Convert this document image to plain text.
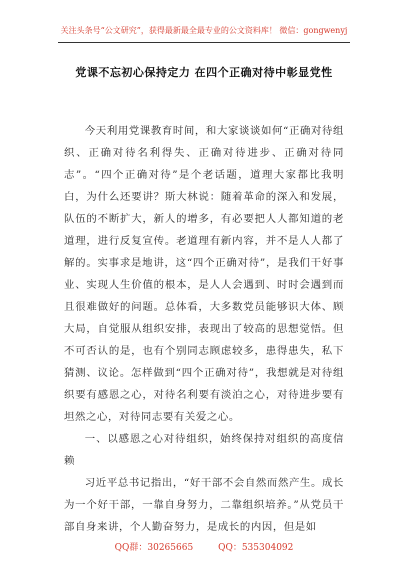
关注头条号“公文研究”，获得最新最全最专业的公文资料库！ 微信：gongwenyj
党课不忘初心保持定力 在四个正确对待中彰显党性

今天利用党课教育时间，和大家谈谈如何“正确对待组织、正确对待名利得失、正确对待进步、正确对待同志”。“四个正确对待”是个老话题，道理大家都比我明白，为什么还要讲？斯大林说：随着革命的深入和发展，队伍的不断扩大，新人的增多，有必要把人人都知道的老道理，进行反复宣传。老道理有新内容，并不是人人都了解的。实事求是地讲，这“四个正确对待”，是我们干好事业、实现人生价值的根本，是人人会遇到、时时会遇到而且很难做好的问题。总体看，大多数党员能够识大体、顾大局，自觉服从组织安排，表现出了较高的思想觉悟。但不可否认的是，也有个别同志顾虑较多，患得患失，私下猜测、议论。怎样做到“四个正确对待”，我想就是对待组织要有感恩之心，对待名利要有淡泊之心，对待进步要有坦然之心，对待同志要有关爱之心。

一、以感恩之心对待组织，始终保持对组织的高度信赖

习近平总书记指出，“好干部不会自然而然产生。成长为一个好干部，一靠自身努力，二靠组织培养。”从党员干部自身来讲，个人勤奋努力，是成长的内因，但是如

QQ群：30265665	QQ：535304092
